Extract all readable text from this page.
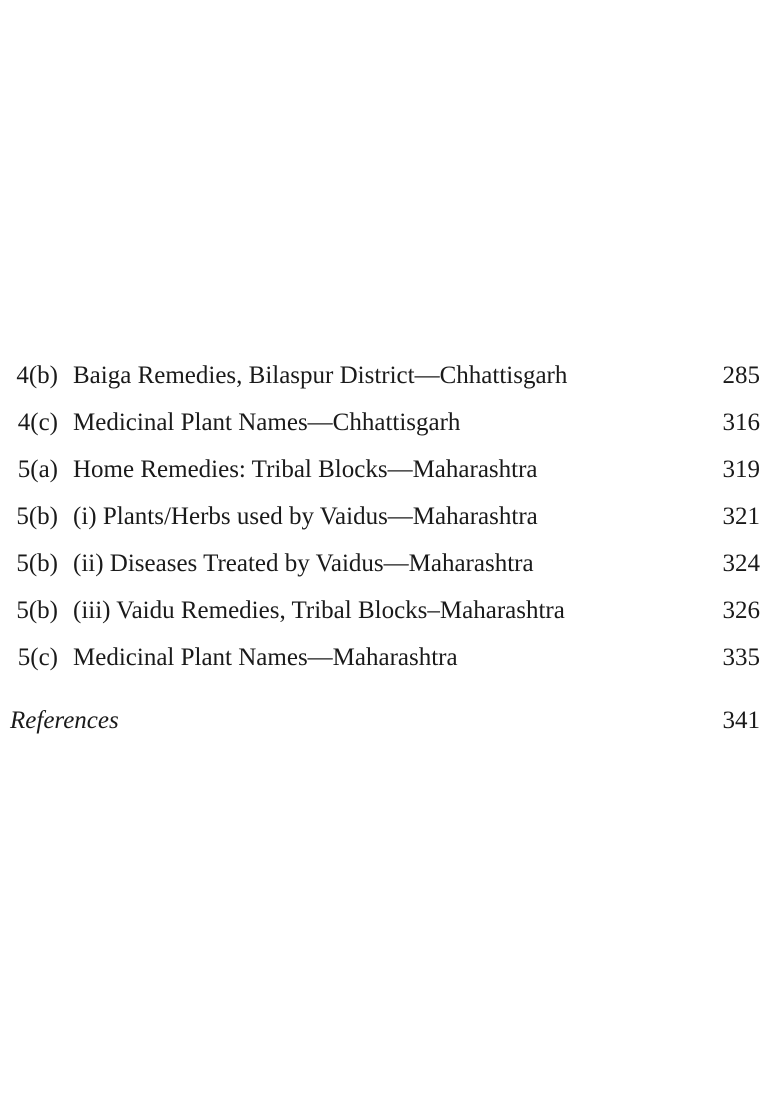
4(b) Baiga Remedies, Bilaspur District—Chhattisgarh	285
4(c) Medicinal Plant Names—Chhattisgarh	316
5(a) Home Remedies: Tribal Blocks—Maharashtra	319
5(b) (i) Plants/Herbs used by Vaidus—Maharashtra	321
5(b) (ii) Diseases Treated by Vaidus—Maharashtra	324
5(b) (iii) Vaidu Remedies, Tribal Blocks–Maharashtra	326
5(c) Medicinal Plant Names—Maharashtra	335
References	341
